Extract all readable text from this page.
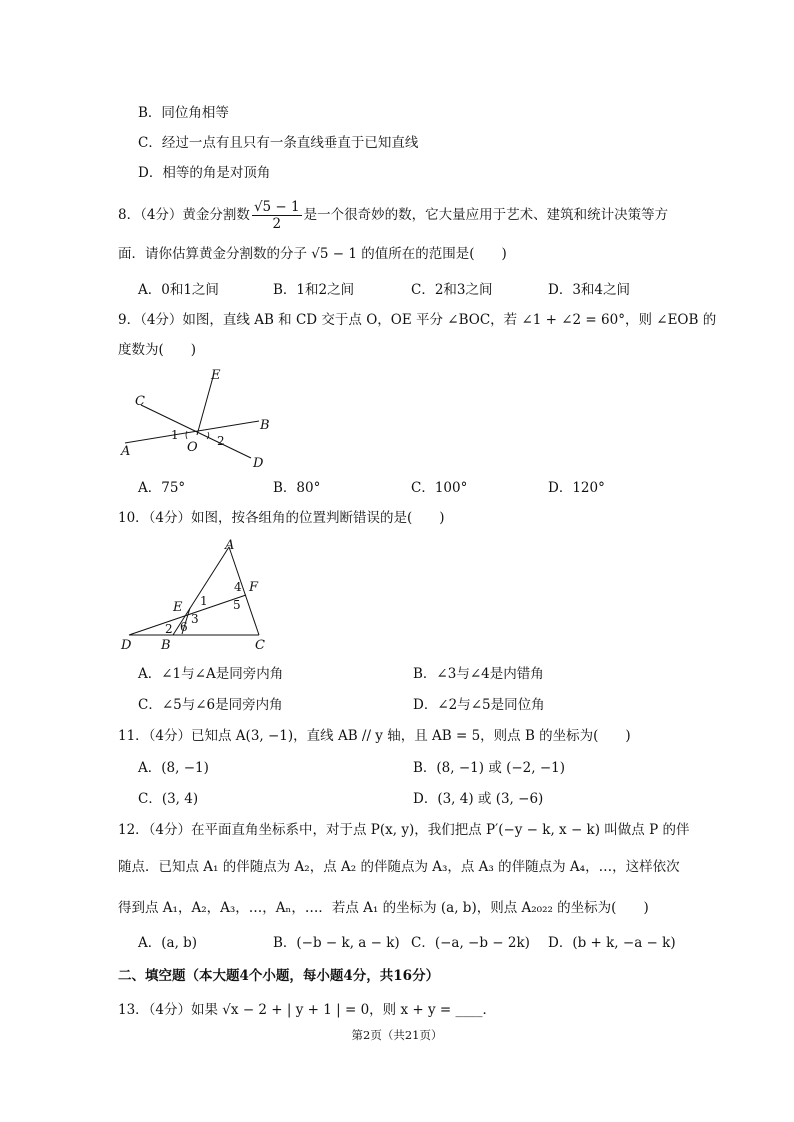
B．同位角相等
C．经过一点有且只有一条直线垂直于已知直线
D．相等的角是对顶角
8．（4分）黄金分割数 $\frac{√5 - 1}{2}$ 是一个很奇妙的数，它大量应用于艺术、建筑和统计决策等方
面．请你估算黄金分割数的分子 √5 − 1 的值所在的范围是(　　)
A．0和1之间	B．1和2之间	C．2和3之间	D．3和4之间
9．（4分）如图，直线 AB 和 CD 交于点 O，OE 平分 ∠BOC，若 ∠1 + ∠2 = 60°，则 ∠EOB 的
度数为(　　)
E
C
B
A	O
D
1	2
A．75°	B．80°	C．100°	D．120°
10．（4分）如图，按各组角的位置判断错误的是(　　)
A
F
4
1 5
E
3
2 6
D B	C
A．∠1与∠A是同旁内角	B．∠3与∠4是内错角
C．∠5与∠6是同旁内角	D．∠2与∠5是同位角
11．（4分）已知点 A(3, −1)，直线 AB // y 轴，且 AB = 5，则点 B 的坐标为(　　)
A．(8, −1)	B．(8, −1) 或 (−2, −1)
C．(3, 4)	D．(3, 4) 或 (3, −6)
12．（4分）在平面直角坐标系中，对于点 P(x, y)，我们把点 P′(−y − k, x − k) 叫做点 P 的伴
随点．已知点 A₁ 的伴随点为 A₂，点 A₂ 的伴随点为 A₃，点 A₃ 的伴随点为 A₄，…，这样依次
得到点 A₁，A₂，A₃，…，Aₙ，…．若点 A₁ 的坐标为 (a, b)，则点 A₂₀₂₂ 的坐标为(　　)
A．(a, b)	B．(−b − k, a − k) C．(−a, −b − 2k) D．(b + k, −a − k)
二、填空题（本大题4个小题，每小题4分，共16分）
13．（4分）如果 √x − 2 + | y + 1 | = 0，则 x + y = ____．
第2页（共21页）
